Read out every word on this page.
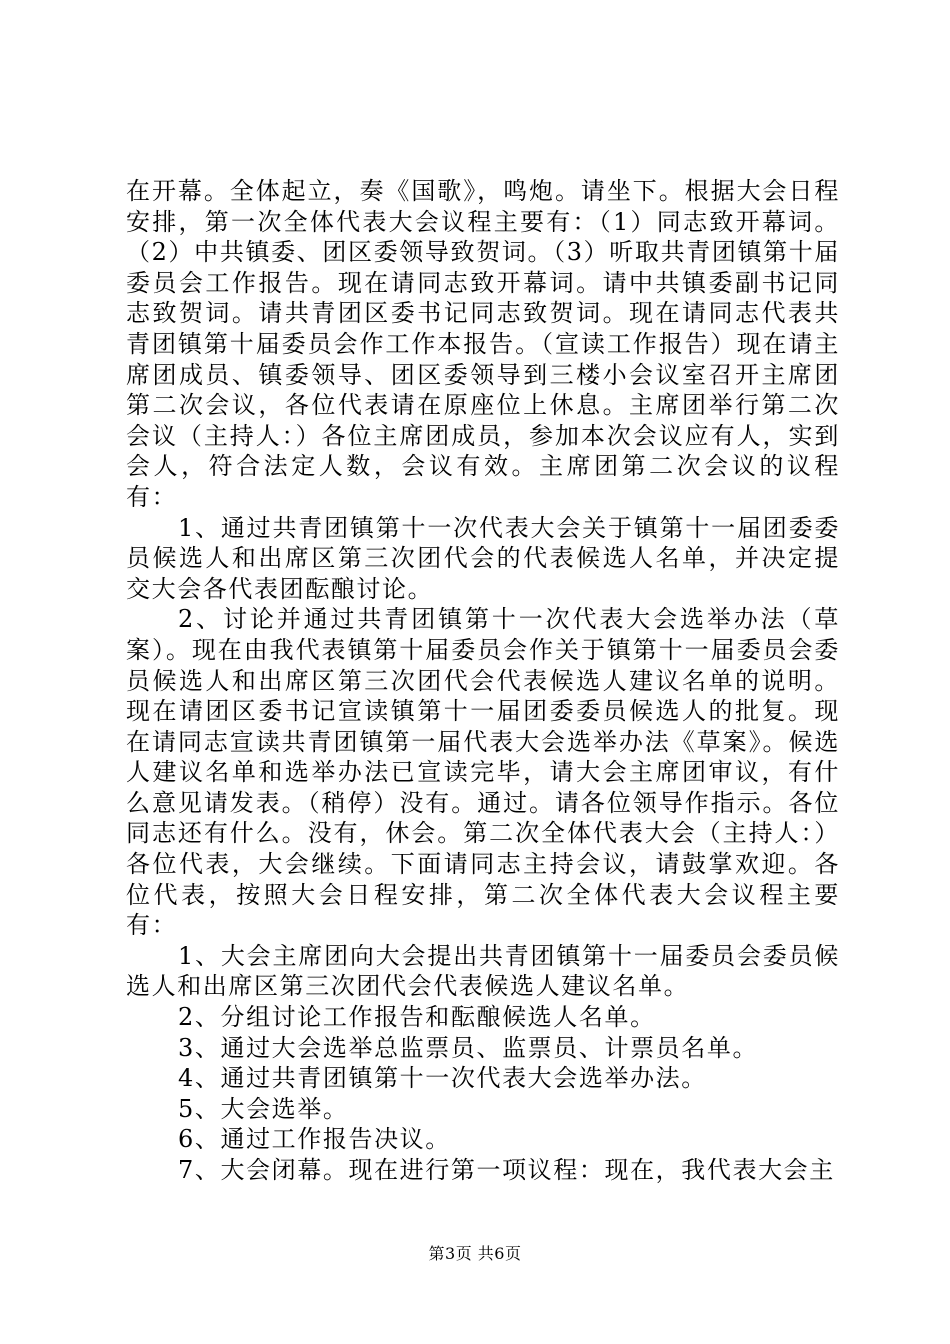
在开幕。全体起立，奏《国歌》，鸣炮。请坐下。根据大会日程安排，第一次全体代表大会议程主要有：（1）同志致开幕词。（2）中共镇委、团区委领导致贺词。（3）听取共青团镇第十届委员会工作报告。现在请同志致开幕词。请中共镇委副书记同志致贺词。请共青团区委书记同志致贺词。现在请同志代表共青团镇第十届委员会作工作本报告。（宣读工作报告）现在请主席团成员、镇委领导、团区委领导到三楼小会议室召开主席团第二次会议，各位代表请在原座位上休息。主席团举行第二次会议（主持人：）各位主席团成员，参加本次会议应有人，实到会人，符合法定人数，会议有效。主席团第二次会议的议程有：

1、通过共青团镇第十一次代表大会关于镇第十一届团委委员候选人和出席区第三次团代会的代表候选人名单，并决定提交大会各代表团酝酿讨论。

2、讨论并通过共青团镇第十一次代表大会选举办法（草案）。现在由我代表镇第十届委员会作关于镇第十一届委员会委员候选人和出席区第三次团代会代表候选人建议名单的说明。现在请团区委书记宣读镇第十一届团委委员候选人的批复。现在请同志宣读共青团镇第一届代表大会选举办法《草案》。候选人建议名单和选举办法已宣读完毕，请大会主席团审议，有什么意见请发表。（稍停）没有。通过。请各位领导作指示。各位同志还有什么。没有，休会。第二次全体代表大会（主持人：）各位代表，大会继续。下面请同志主持会议，请鼓掌欢迎。各位代表，按照大会日程安排，第二次全体代表大会议程主要有：

1、大会主席团向大会提出共青团镇第十一届委员会委员候选人和出席区第三次团代会代表候选人建议名单。

2、分组讨论工作报告和酝酿候选人名单。

3、通过大会选举总监票员、监票员、计票员名单。

4、通过共青团镇第十一次代表大会选举办法。

5、大会选举。

6、通过工作报告决议。

7、大会闭幕。现在进行第一项议程：现在，我代表大会主

第3页 共6页
